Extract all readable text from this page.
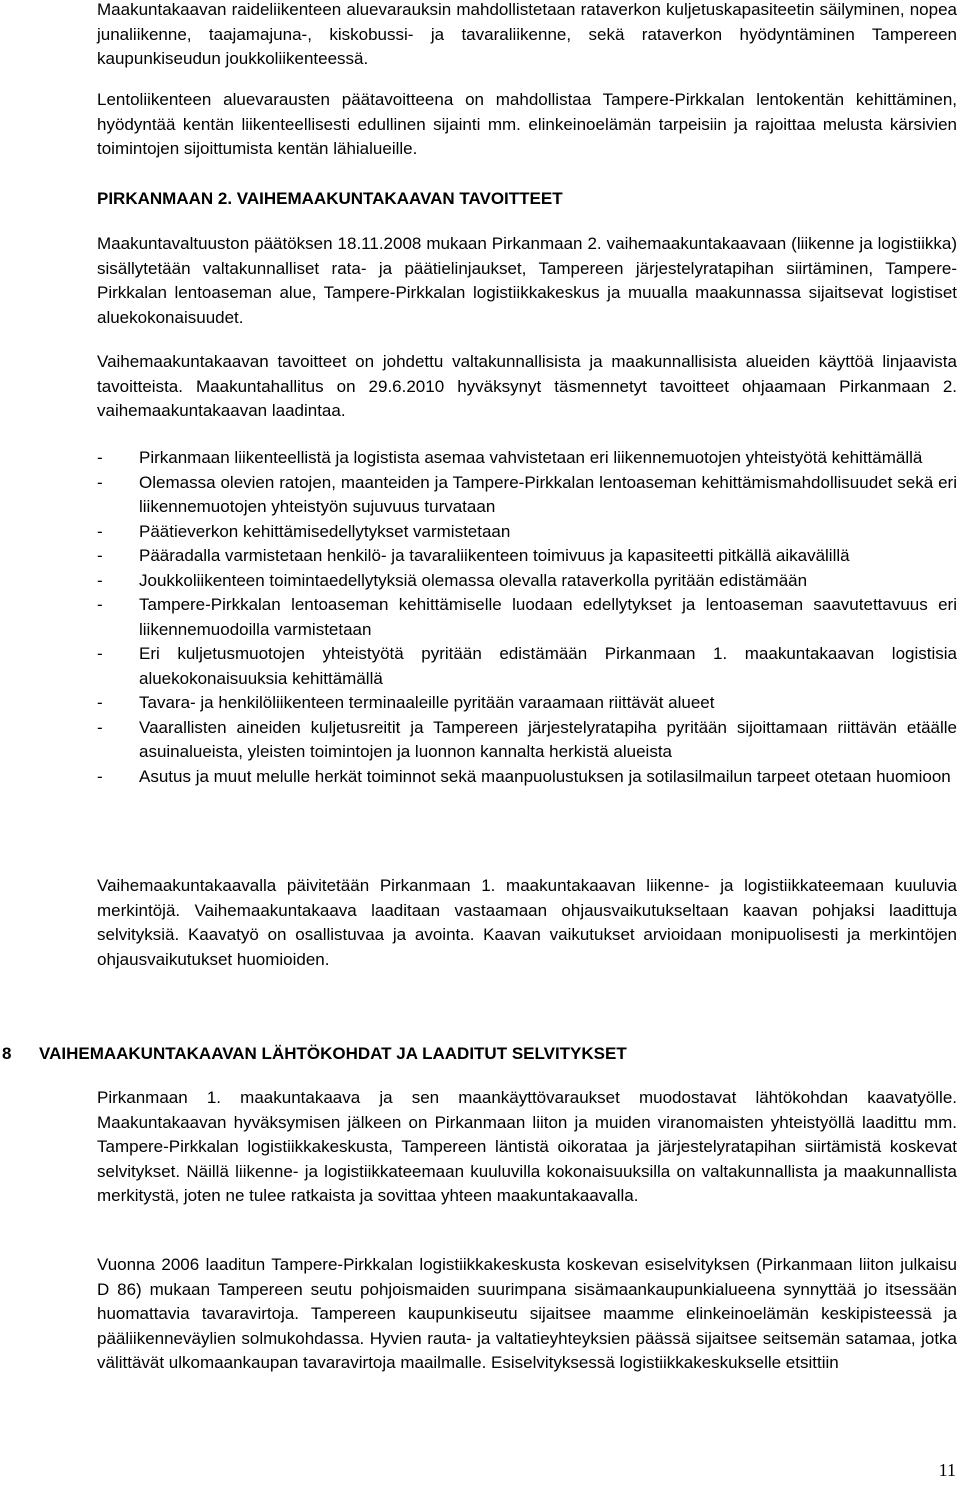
Maakuntakaavan raideliikenteen aluevarauksin mahdollistetaan rataverkon kuljetuskapasiteetin säilyminen, nopea junaliikenne, taajamajuna-, kiskobussi- ja tavaraliikenne, sekä rataverkon hyödyntäminen Tampereen kaupunkiseudun joukkoliikenteessä.

Lentoliikenteen aluevarausten päätavoitteena on mahdollistaa Tampere-Pirkkalan lentokentän kehittäminen, hyödyntää kentän liikenteellisesti edullinen sijainti mm. elinkeinoelämän tarpeisiin ja rajoittaa melusta kärsivien toimintojen sijoittumista kentän lähialueille.

PIRKANMAAN 2. VAIHEMAAKUNTAKAAVAN TAVOITTEET

Maakuntavaltuuston päätöksen 18.11.2008 mukaan Pirkanmaan 2. vaihemaakuntakaavaan (liikenne ja logistiikka) sisällytetään valtakunnalliset rata- ja päätielinjaukset, Tampereen järjestelyratapihan siirtäminen, Tampere-Pirkkalan lentoaseman alue, Tampere-Pirkkalan logistiikkakeskus ja muualla maakunnassa sijaitsevat logistiset aluekokonaisuudet.

Vaihemaakuntakaavan tavoitteet on johdettu valtakunnallisista ja maakunnallisista alueiden käyttöä linjaavista tavoitteista. Maakuntahallitus on 29.6.2010 hyväksynyt täsmennetyt tavoitteet ohjaamaan Pirkanmaan 2. vaihemaakuntakaavan laadintaa.

- Pirkanmaan liikenteellistä ja logistista asemaa vahvistetaan eri liikennemuotojen yhteistyötä kehittämällä
- Olemassa olevien ratojen, maanteiden ja Tampere-Pirkkalan lentoaseman kehittämismahdollisuudet sekä eri liikennemuotojen yhteistyön sujuvuus turvataan
- Päätieverkon kehittämisedellytykset varmistetaan
- Pääradalla varmistetaan henkilö- ja tavaraliikenteen toimivuus ja kapasiteetti pitkällä aikavälillä
- Joukkoliikenteen toimintaedellytyksiä olemassa olevalla rataverkolla pyritään edistämään
- Tampere-Pirkkalan lentoaseman kehittämiselle luodaan edellytykset ja lentoaseman saavutettavuus eri liikennemuodoilla varmistetaan
- Eri kuljetusmuotojen yhteistyötä pyritään edistämään Pirkanmaan 1. maakuntakaavan logistisia aluekokonaisuuksia kehittämällä
- Tavara- ja henkilöliikenteen terminaaleille pyritään varaamaan riittävät alueet
- Vaarallisten aineiden kuljetusreitit ja Tampereen järjestelyratapiha pyritään sijoittamaan riittävän etäälle asuinalueista, yleisten toimintojen ja luonnon kannalta herkistä alueista
- Asutus ja muut melulle herkät toiminnot sekä maanpuolustuksen ja sotilasilmailun tarpeet otetaan huomioon

Vaihemaakuntakaavalla päivitetään Pirkanmaan 1. maakuntakaavan liikenne- ja logistiikkateemaan kuuluvia merkintöjä. Vaihemaakuntakaava laaditaan vastaamaan ohjausvaikutukseltaan kaavan pohjaksi laadittuja selvityksiä. Kaavatyö on osallistuvaa ja avointa. Kaavan vaikutukset arvioidaan monipuolisesti ja merkintöjen ohjausvaikutukset huomioiden.

8 VAIHEMAAKUNTAKAAVAN LÄHTÖKOHDAT JA LAADITUT SELVITYKSET

Pirkanmaan 1. maakuntakaava ja sen maankäyttövaraukset muodostavat lähtökohdan kaavatyölle. Maakuntakaavan hyväksymisen jälkeen on Pirkanmaan liiton ja muiden viranomaisten yhteistyöllä laadittu mm. Tampere-Pirkkalan logistiikkakeskusta, Tampereen läntistä oikorataa ja järjestelyratapihan siirtämistä koskevat selvitykset. Näillä liikenne- ja logistiikkateemaan kuuluvilla kokonaisuuksilla on valtakunnallista ja maakunnallista merkitystä, joten ne tulee ratkaista ja sovittaa yhteen maakuntakaavalla.

Vuonna 2006 laaditun Tampere-Pirkkalan logistiikkakeskusta koskevan esiselvityksen (Pirkanmaan liiton julkaisu D 86) mukaan Tampereen seutu pohjoismaiden suurimpana sisämaankaupunkialueena synnyttää jo itsessään huomattavia tavaravirtoja. Tampereen kaupunkiseutu sijaitsee maamme elinkeinoelämän keskipisteessä ja pääliikenneväylien solmukohdassa. Hyvien rauta- ja valtatieyhteyksien päässä sijaitsee seitsemän satamaa, jotka välittävät ulkomaankaupan tavaravirtoja maailmalle. Esiselvityksessä logistiikkakeskukselle etsittiin

11
